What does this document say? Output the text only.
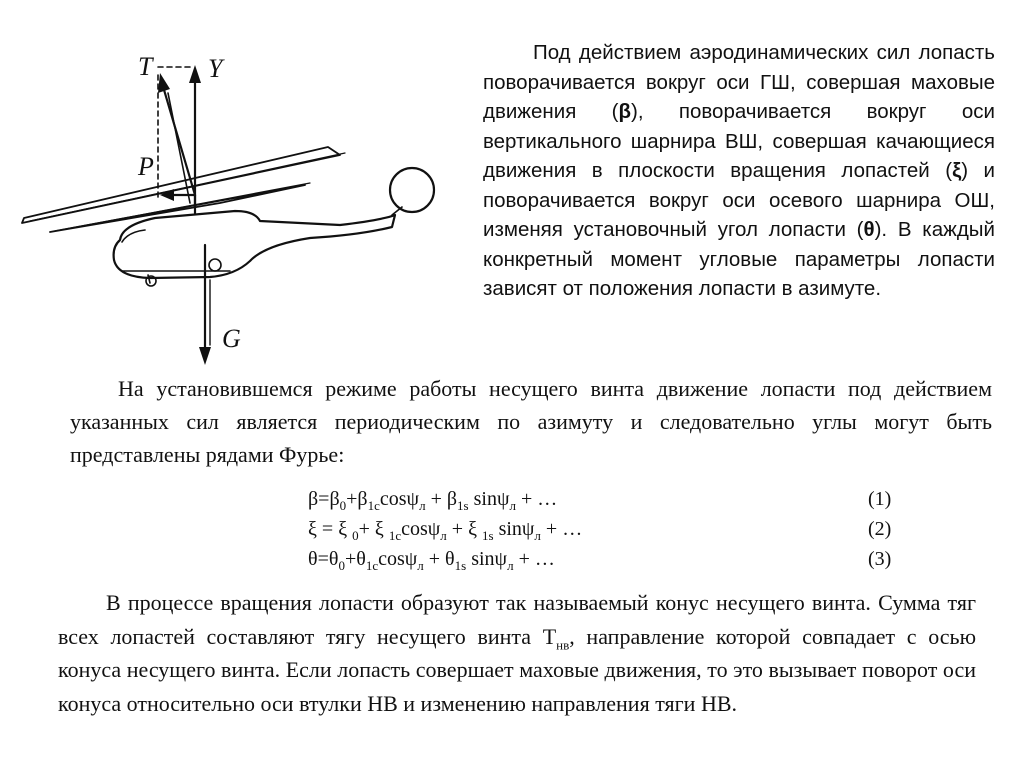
T Y
P
G

Под действием аэродинамических сил лопасть поворачивается вокруг оси ГШ, совершая маховые движения (β), поворачивается вокруг оси вертикального шарнира ВШ, совершая качающиеся движения в плоскости вращения лопастей (ξ) и поворачивается вокруг оси осевого шарнира ОШ, изменяя установочный угол лопасти (θ). В каждый конкретный момент угловые параметры лопасти зависят от положения лопасти в азимуте.

На установившемся режиме работы несущего винта движение лопасти под действием указанных сил является периодическим по азимуту и следовательно углы могут быть представлены рядами Фурье:

$\beta=\beta_0+\beta_{1c}\cos\psi_л + \beta_{1s}$ sinψ$_л$ + …	(1)
ξ = ξ $_0$+ ξ $_{1c}$cosψ$_л$ + ξ $_{1s}$ sinψ$_л$ + …	(2)
$\theta=\theta_0+\theta_{1c}\cos\psi_л + \theta_{1s}$ sinψ$_л$ + …	(3)

В процессе вращения лопасти образуют так называемый конус несущего винта. Сумма тяг всех лопастей составляют тягу несущего винта $Т_{нв}$, направление которой совпадает с осью конуса несущего винта. Если лопасть совершает маховые движения, то это вызывает поворот оси конуса относительно оси втулки НВ и изменению направления тяги НВ.
